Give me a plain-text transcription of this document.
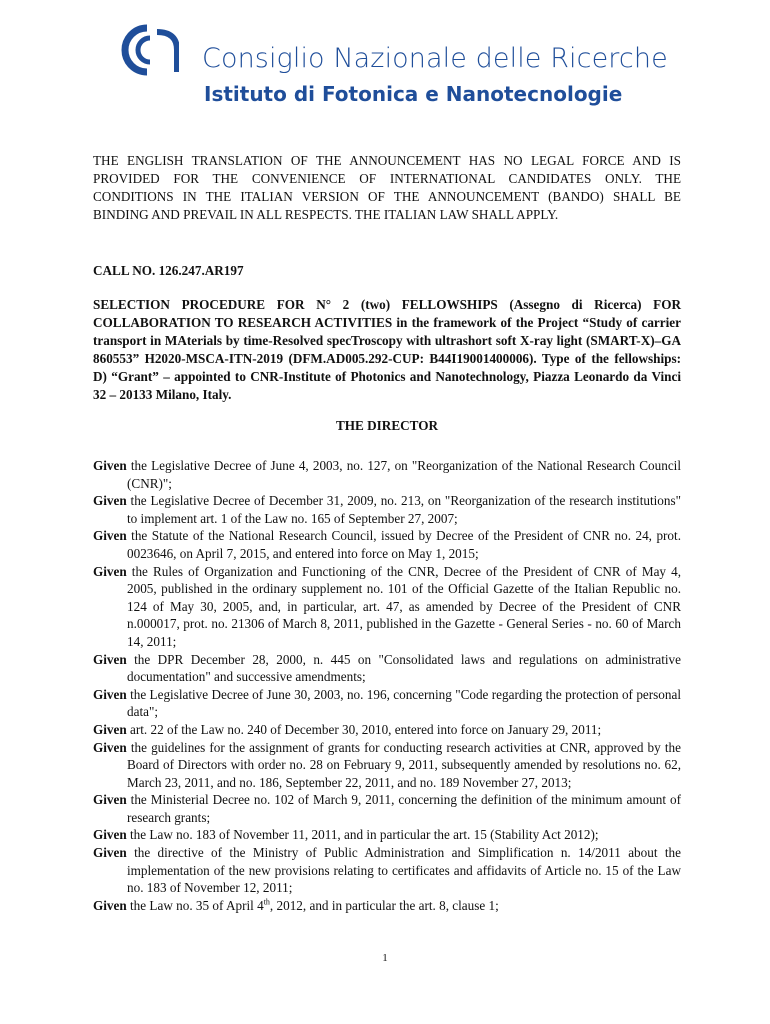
Consiglio Nazionale delle Ricerche
Istituto di Fotonica e Nanotecnologie

THE ENGLISH TRANSLATION OF THE ANNOUNCEMENT HAS NO LEGAL FORCE AND IS PROVIDED FOR THE CONVENIENCE OF INTERNATIONAL CANDIDATES ONLY. THE CONDITIONS IN THE ITALIAN VERSION OF THE ANNOUNCEMENT (BANDO) SHALL BE BINDING AND PREVAIL IN ALL RESPECTS. THE ITALIAN LAW SHALL APPLY.

CALL NO. 126.247.AR197

SELECTION PROCEDURE FOR N° 2 (two) FELLOWSHIPS (Assegno di Ricerca) FOR COLLABORATION TO RESEARCH ACTIVITIES in the framework of the Project “Study of carrier transport in MAterials by time-Resolved specTroscopy with ultrashort soft X-ray light (SMART-X)–GA 860553” H2020-MSCA-ITN-2019 (DFM.AD005.292-CUP: B44I19001400006). Type of the fellowships: D) “Grant” – appointed to CNR-Institute of Photonics and Nanotechnology, Piazza Leonardo da Vinci 32 – 20133 Milano, Italy.

THE DIRECTOR

Given the Legislative Decree of June 4, 2003, no. 127, on "Reorganization of the National Research Council (CNR)";
Given the Legislative Decree of December 31, 2009, no. 213, on "Reorganization of the research institutions" to implement art. 1 of the Law no. 165 of September 27, 2007;
Given the Statute of the National Research Council, issued by Decree of the President of CNR no. 24, prot. 0023646, on April 7, 2015, and entered into force on May 1, 2015;
Given the Rules of Organization and Functioning of the CNR, Decree of the President of CNR of May 4, 2005, published in the ordinary supplement no. 101 of the Official Gazette of the Italian Republic no. 124 of May 30, 2005, and, in particular, art. 47, as amended by Decree of the President of CNR n.000017, prot. no. 21306 of March 8, 2011, published in the Gazette - General Series - no. 60 of March 14, 2011;
Given the DPR December 28, 2000, n. 445 on "Consolidated laws and regulations on administrative documentation" and successive amendments;
Given the Legislative Decree of June 30, 2003, no. 196, concerning "Code regarding the protection of personal data";
Given art. 22 of the Law no. 240 of December 30, 2010, entered into force on January 29, 2011;
Given the guidelines for the assignment of grants for conducting research activities at CNR, approved by the Board of Directors with order no. 28 on February 9, 2011, subsequently amended by resolutions no. 62, March 23, 2011, and no. 186, September 22, 2011, and no. 189 November 27, 2013;
Given the Ministerial Decree no. 102 of March 9, 2011, concerning the definition of the minimum amount of research grants;
Given the Law no. 183 of November 11, 2011, and in particular the art. 15 (Stability Act 2012);
Given the directive of the Ministry of Public Administration and Simplification n. 14/2011 about the implementation of the new provisions relating to certificates and affidavits of Article no. 15 of the Law no. 183 of November 12, 2011;
Given the Law no. 35 of April 4th, 2012, and in particular the art. 8, clause 1;
1
